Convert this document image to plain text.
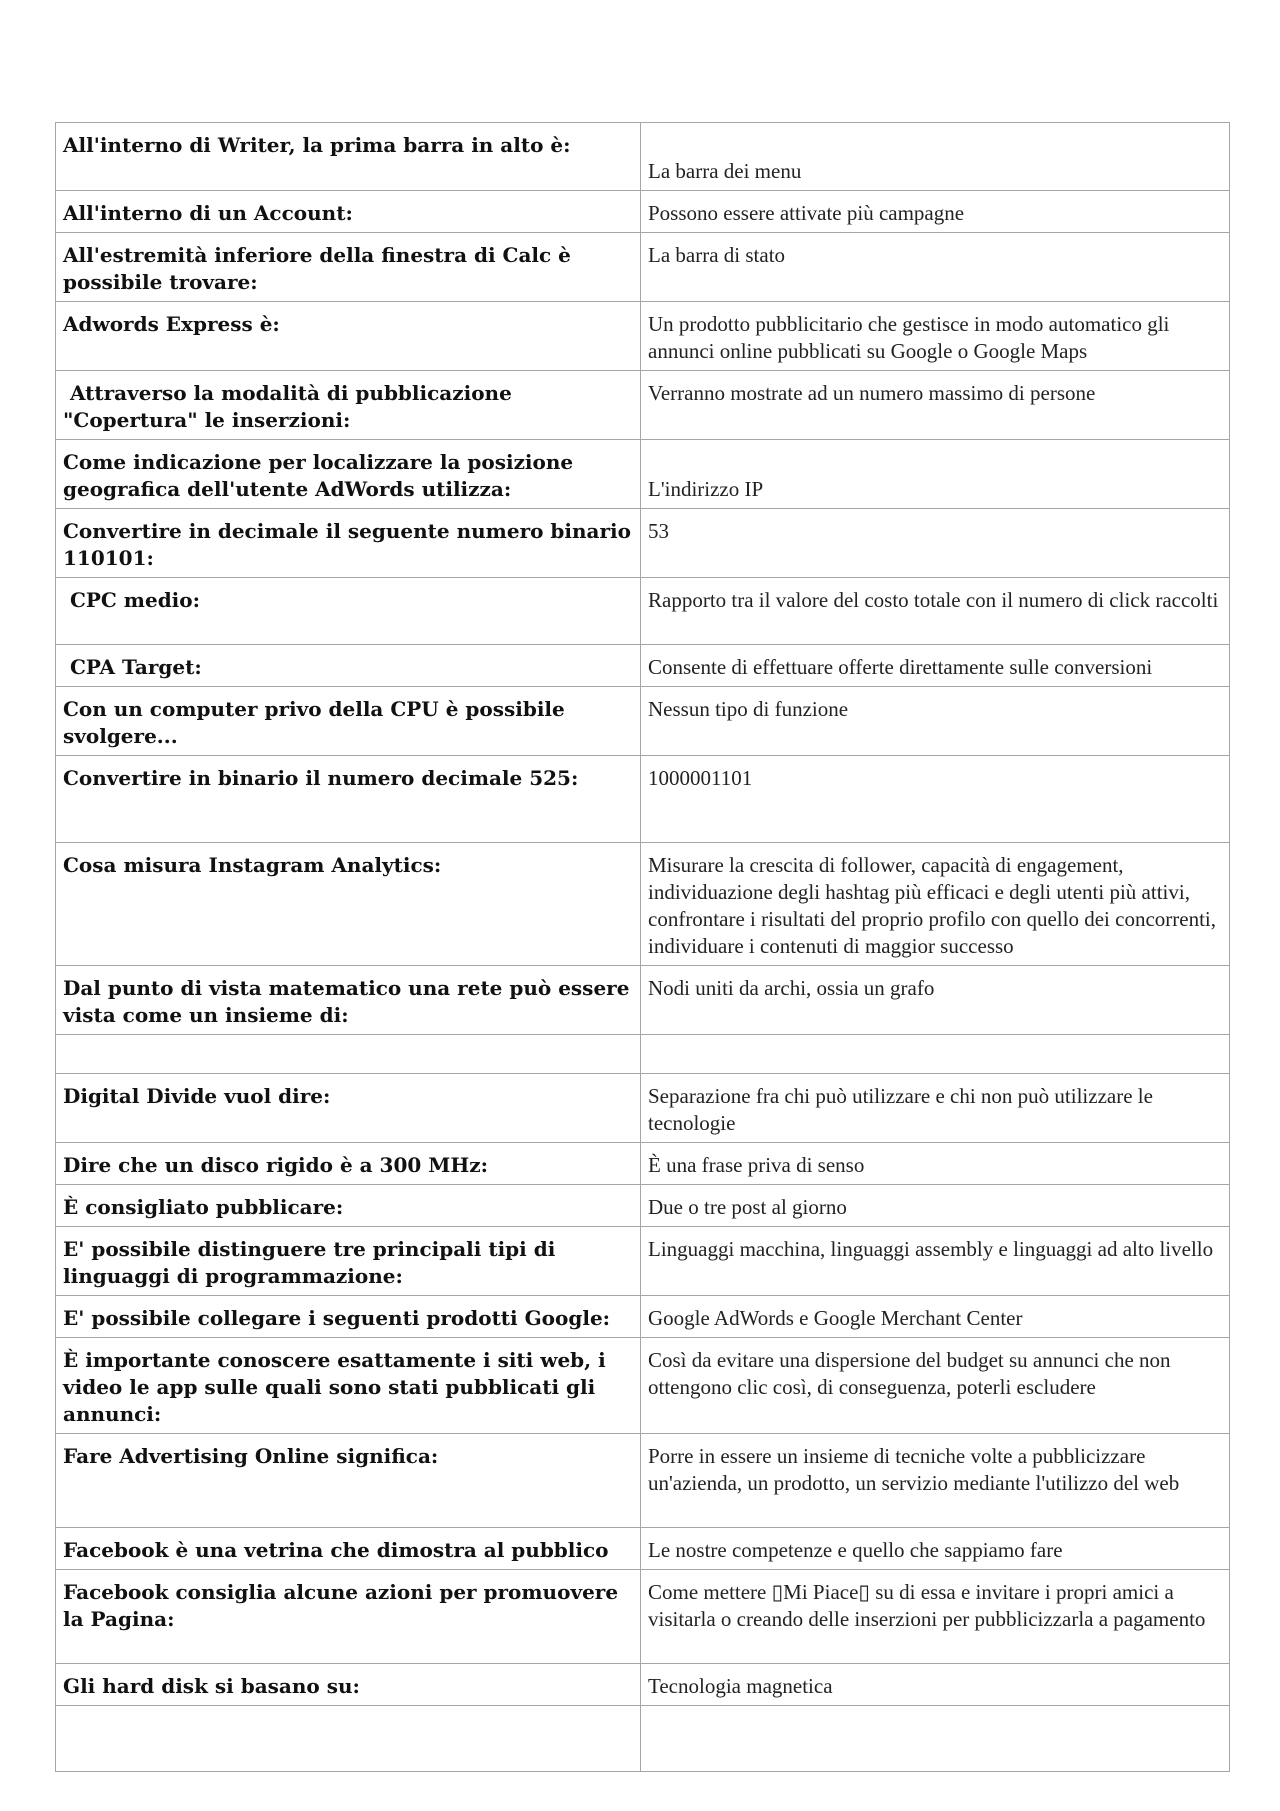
All'interno di Writer, la prima barra in alto è:	La barra dei menu
All'interno di un Account:	Possono essere attivate più campagne
All'estremità inferiore della finestra di Calc è possibile trovare:	La barra di stato
Adwords Express è:	Un prodotto pubblicitario che gestisce in modo automatico gli annunci online pubblicati su Google o Google Maps
Attraverso la modalità di pubblicazione "Copertura" le inserzioni:	Verranno mostrate ad un numero massimo di persone
Come indicazione per localizzare la posizione geografica dell'utente AdWords utilizza:	L'indirizzo IP
Convertire in decimale il seguente numero binario 110101:	53
CPC medio:	Rapporto tra il valore del costo totale con il numero di click raccolti
CPA Target:	Consente di effettuare offerte direttamente sulle conversioni
Con un computer privo della CPU è possibile svolgere...	Nessun tipo di funzione
Convertire in binario il numero decimale 525:	1000001101
Cosa misura Instagram Analytics:	Misurare la crescita di follower, capacità di engagement, individuazione degli hashtag più efficaci e degli utenti più attivi, confrontare i risultati del proprio profilo con quello dei concorrenti, individuare i contenuti di maggior successo
Dal punto di vista matematico una rete può essere vista come un insieme di:	Nodi uniti da archi, ossia un grafo

Digital Divide vuol dire:	Separazione fra chi può utilizzare e chi non può utilizzare le tecnologie
Dire che un disco rigido è a 300 MHz:	È una frase priva di senso
È consigliato pubblicare:	Due o tre post al giorno
E' possibile distinguere tre principali tipi di linguaggi di programmazione:	Linguaggi macchina, linguaggi assembly e linguaggi ad alto livello
E' possibile collegare i seguenti prodotti Google:	Google AdWords e Google Merchant Center
È importante conoscere esattamente i siti web, i video le app sulle quali sono stati pubblicati gli annunci:	Così da evitare una dispersione del budget su annunci che non ottengono clic così, di conseguenza, poterli escludere
Fare Advertising Online significa:	Porre in essere un insieme di tecniche volte a pubblicizzare un'azienda, un prodotto, un servizio mediante l'utilizzo del web
Facebook è una vetrina che dimostra al pubblico	Le nostre competenze e quello che sappiamo fare
Facebook consiglia alcune azioni per promuovere la Pagina:	Come mettere ▯Mi Piace▯ su di essa e invitare i propri amici a visitarla o creando delle inserzioni per pubblicizzarla a pagamento
Gli hard disk si basano su:	Tecnologia magnetica
